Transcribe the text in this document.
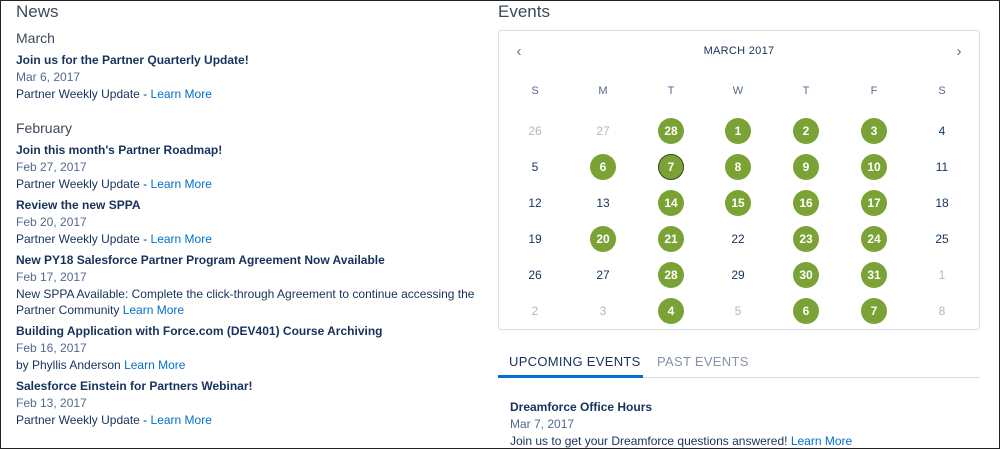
News
March
Join us for the Partner Quarterly Update!
Mar 6, 2017
Partner Weekly Update - Learn More
February
Join this month's Partner Roadmap!
Feb 27, 2017
Partner Weekly Update - Learn More
Review the new SPPA
Feb 20, 2017
Partner Weekly Update - Learn More
New PY18 Salesforce Partner Program Agreement Now Available
Feb 17, 2017
New SPPA Available: Complete the click-through Agreement to continue accessing the Partner Community Learn More
Building Application with Force.com (DEV401) Course Archiving
Feb 16, 2017
by Phyllis Anderson Learn More
Salesforce Einstein for Partners Webinar!
Feb 13, 2017
Partner Weekly Update - Learn More
Events
‹	MARCH 2017	›
S	M	T	W	T	F	S
26	27	28	1	2	3	4
5	6	7	8	9	10	11
12	13	14	15	16	17	18
19	20	21	22	23	24	25
26	27	28	29	30	31	1
2	3	4	5	6	7	8
UPCOMING EVENTS PAST EVENTS
Dreamforce Office Hours
Mar 7, 2017
Join us to get your Dreamforce questions answered! Learn More
